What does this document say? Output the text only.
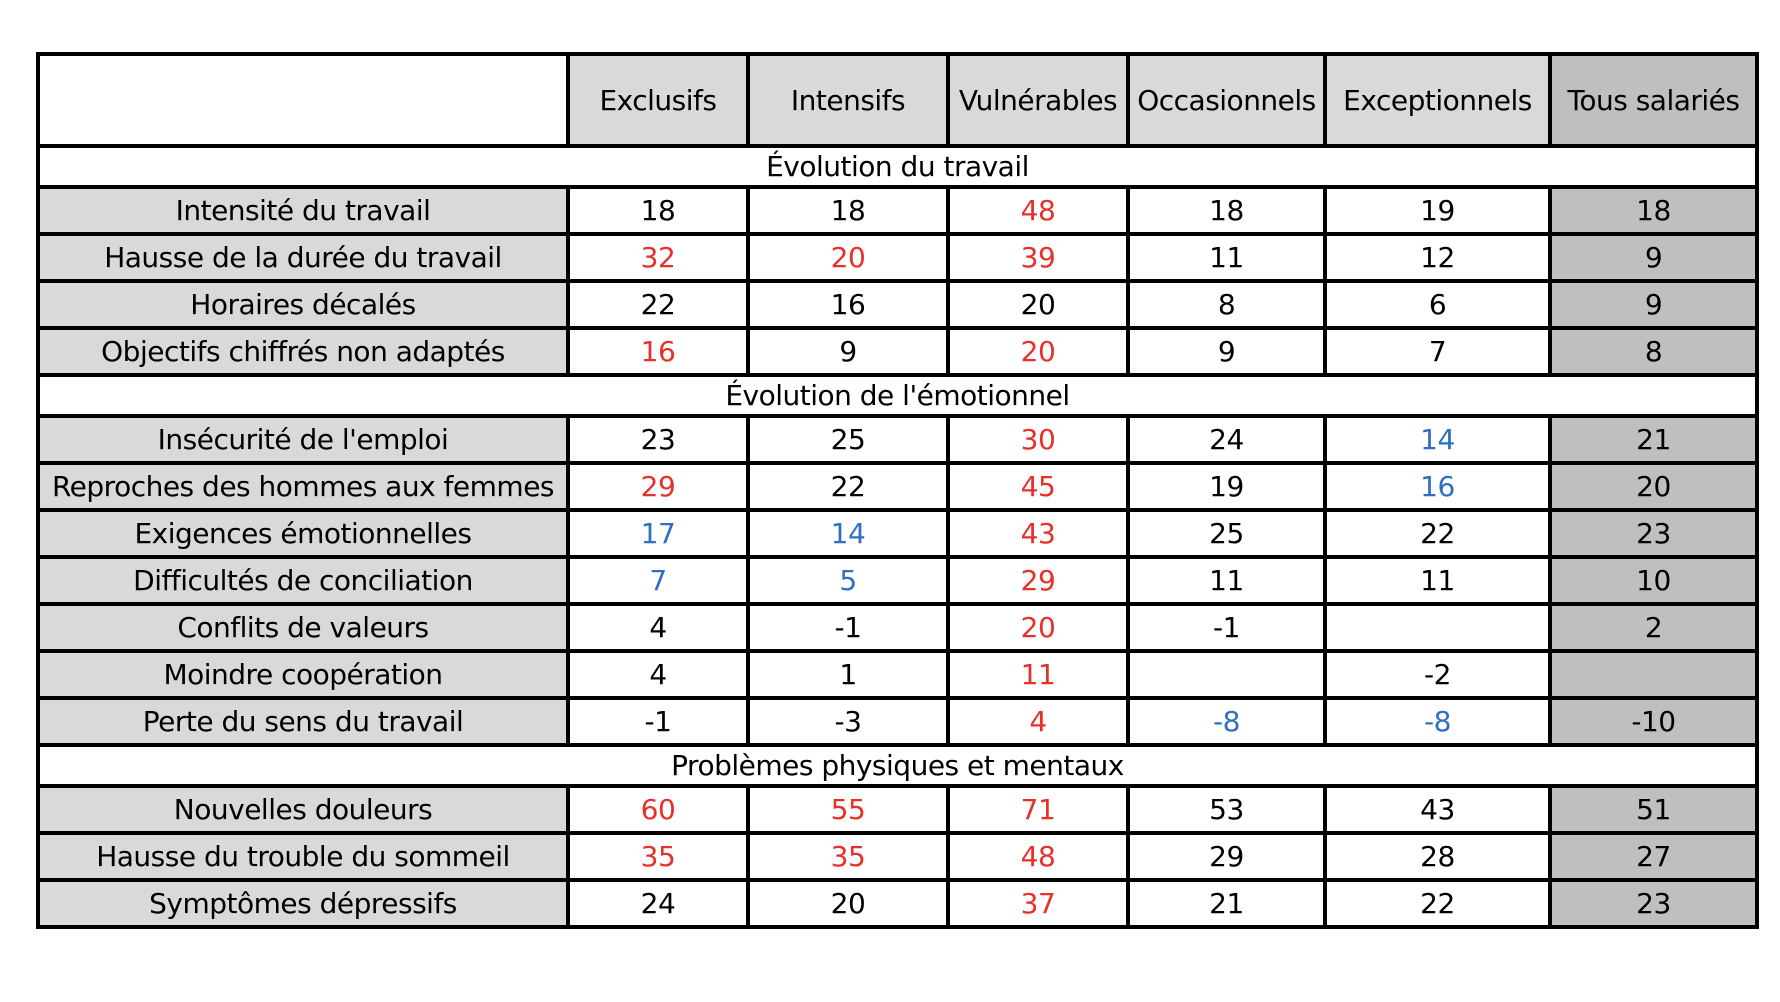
	Exclusifs	Intensifs	Vulnérables	Occasionnels	Exceptionnels	Tous salariés
Évolution du travail						
Intensité du travail	18	18	48	18	19	18
Hausse de la durée du travail	32	20	39	11	12	9
Horaires décalés	22	16	20	8	6	9
Objectifs chiffrés non adaptés	16	9	20	9	7	8
Évolution de l'émotionnel						
Insécurité de l'emploi	23	25	30	24	14	21
Reproches des hommes aux femmes	29	22	45	19	16	20
Exigences émotionnelles	17	14	43	25	22	23
Difficultés de conciliation	7	5	29	11	11	10
Conflits de valeurs	4	-1	20	-1		2
Moindre coopération	4	1	11		-2	
Perte du sens du travail	-1	-3	4	-8	-8	-10
Problèmes physiques et mentaux						
Nouvelles douleurs	60	55	71	53	43	51
Hausse du trouble du sommeil	35	35	48	29	28	27
Symptômes dépressifs	24	20	37	21	22	23
